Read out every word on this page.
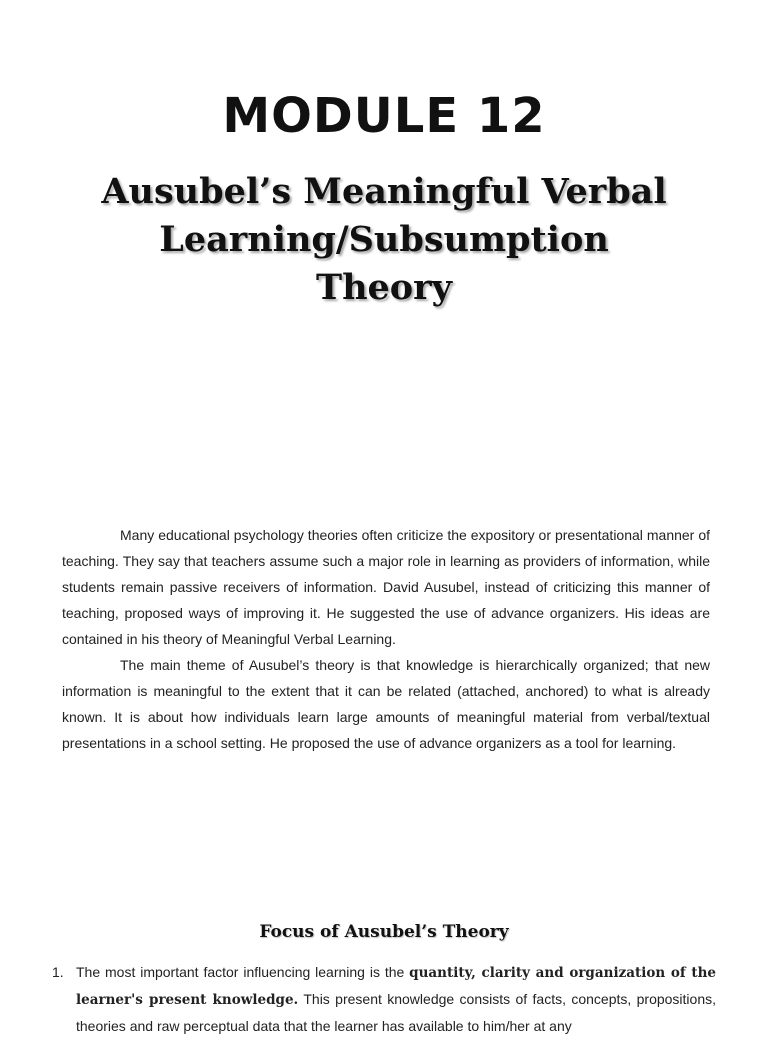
MODULE 12
Ausubel’s Meaningful Verbal
Learning/Subsumption
Theory

Many educational psychology theories often criticize the expository or presentational manner of teaching. They say that teachers assume such a major role in learning as providers of information, while students remain passive receivers of information. David Ausubel, instead of criticizing this manner of teaching, proposed ways of improving it. He suggested the use of advance organizers. His ideas are contained in his theory of Meaningful Verbal Learning.

The main theme of Ausubel’s theory is that knowledge is hierarchically organized; that new information is meaningful to the extent that it can be related (attached, anchored) to what is already known. It is about how individuals learn large amounts of meaningful material from verbal/textual presentations in a school setting. He proposed the use of advance organizers as a tool for learning.

Focus of Ausubel’s Theory
1. The most important factor influencing learning is the quantity, clarity and organization of the learner's present knowledge. This present knowledge consists of facts, concepts, propositions, theories and raw perceptual data that the learner has available to him/her at any
